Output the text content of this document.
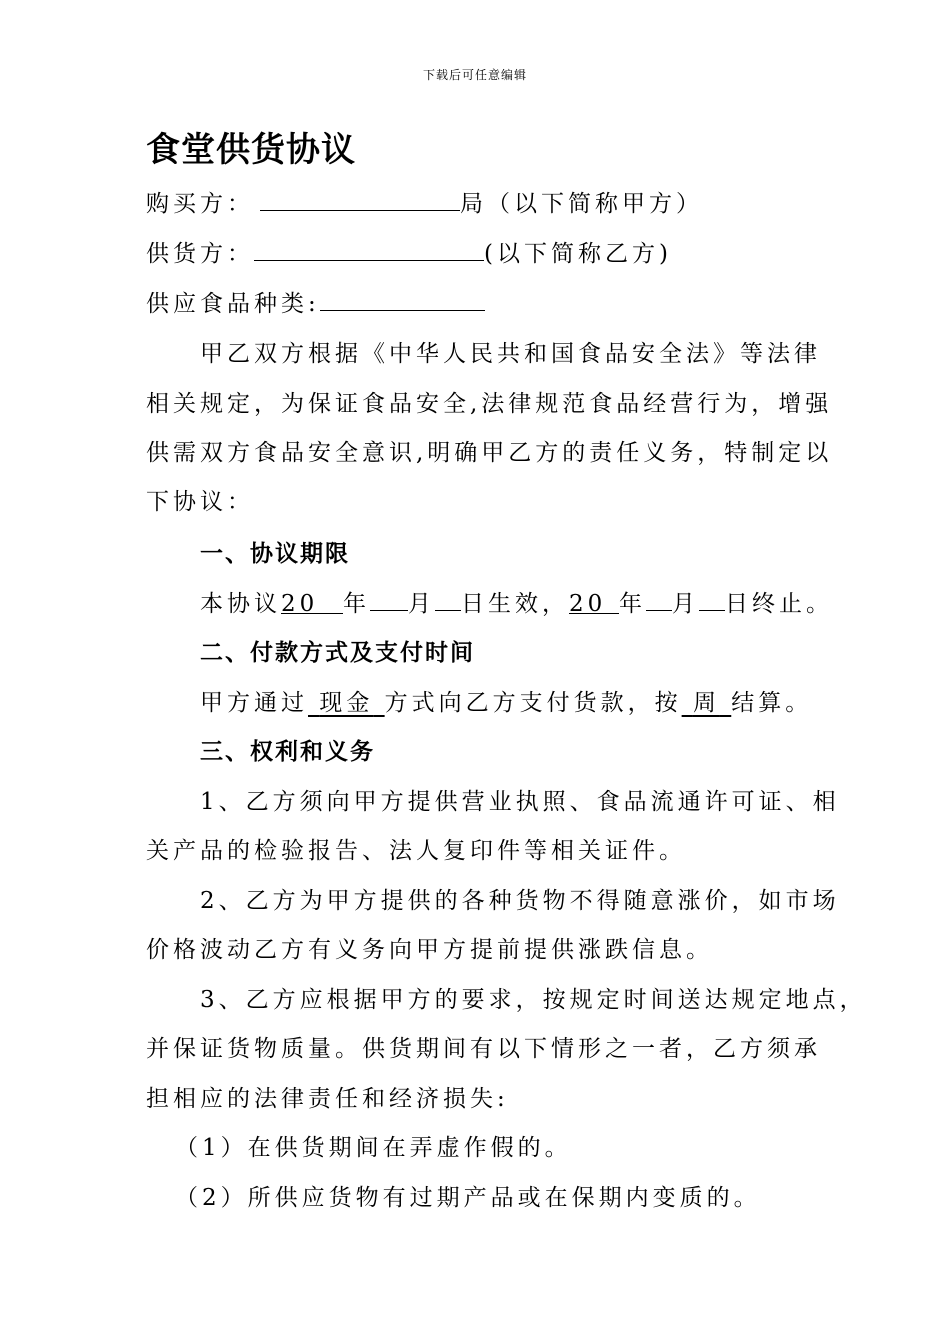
下载后可任意编辑
食堂供货协议
购买方：	局（以下简称甲方）
供货方：	(以下简称乙方)
供应食品种类:
甲乙双方根据《中华人民共和国食品安全法》等法律
相关规定，为保证食品安全,法律规范食品经营行为，增强
供需双方食品安全意识,明确甲乙方的责任义务，特制定以
下协议：
一、协议期限
本协议20 年 月 日生效，20 年 月 日终止。
二、付款方式及支付时间
甲方通过 现金 方式向乙方支付货款，按 周 结算。
三、权利和义务
1、乙方须向甲方提供营业执照、食品流通许可证、相
关产品的检验报告、法人复印件等相关证件。
2、乙方为甲方提供的各种货物不得随意涨价，如市场
价格波动乙方有义务向甲方提前提供涨跌信息。
3、乙方应根据甲方的要求，按规定时间送达规定地点，
并保证货物质量。供货期间有以下情形之一者，乙方须承
担相应的法律责任和经济损失:
（1）在供货期间在弄虚作假的。
（2）所供应货物有过期产品或在保期内变质的。
